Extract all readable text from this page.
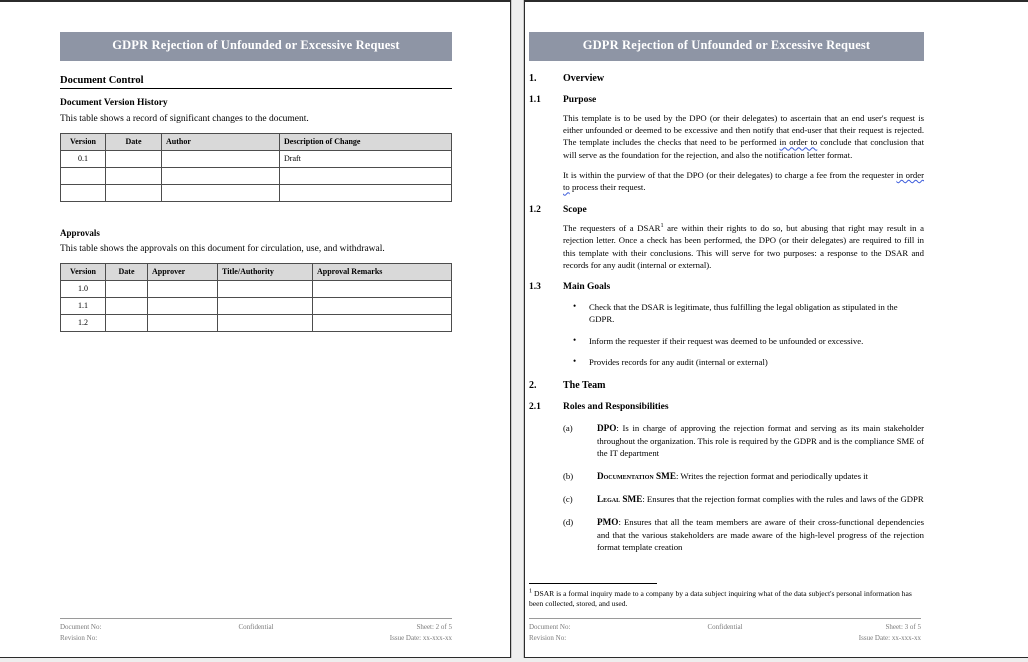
GDPR Rejection of Unfounded or Excessive Request
Document Control
Document Version History
This table shows a record of significant changes to the document.
Version	Date	Author	Description of Change
0.1			Draft

Approvals
This table shows the approvals on this document for circulation, use, and withdrawal.
Version	Date	Approver	Title/Authority	Approval Remarks
1.0				
1.1				
1.2				
Document No:	Confidential	Sheet: 2 of 5
Revision No:	Issue Date: xx-xxx-xx
GDPR Rejection of Unfounded or Excessive Request
1.	Overview
1.1	Purpose
This template is to be used by the DPO (or their delegates) to ascertain that an end user's request is either unfounded or deemed to be excessive and then notify that end-user that their request is rejected. The template includes the checks that need to be performed in order to conclude that conclusion that will serve as the foundation for the rejection, and also the notification letter format.
It is within the purview of that the DPO (or their delegates) to charge a fee from the requester in order to process their request.
1.2	Scope
The requesters of a DSAR$^1$ are within their rights to do so, but abusing that right may result in a rejection letter. Once a check has been performed, the DPO (or their delegates) are required to fill in this template with their conclusions. This will serve for two purposes: a response to the DSAR and records for any audit (internal or external).
1.3	Main Goals
• Check that the DSAR is legitimate, thus fulfilling the legal obligation as stipulated in the GDPR.
• Inform the requester if their request was deemed to be unfounded or excessive.
• Provides records for any audit (internal or external)
2.	The Team
2.1	Roles and Responsibilities
(a)	DPO: Is in charge of approving the rejection format and serving as its main stakeholder throughout the organization. This role is required by the GDPR and is the compliance SME of the IT department
(b)	Documentation SME: Writes the rejection format and periodically updates it
(c)	Legal SME: Ensures that the rejection format complies with the rules and laws of the GDPR
(d)	PMO: Ensures that all the team members are aware of their cross-functional dependencies and that the various stakeholders are made aware of the high-level progress of the rejection format template creation
$^1$ DSAR is a formal inquiry made to a company by a data subject inquiring what of the data subject's personal information has been collected, stored, and used.
Document No:	Confidential	Sheet: 3 of 5
Revision No:	Issue Date: xx-xxx-xx
